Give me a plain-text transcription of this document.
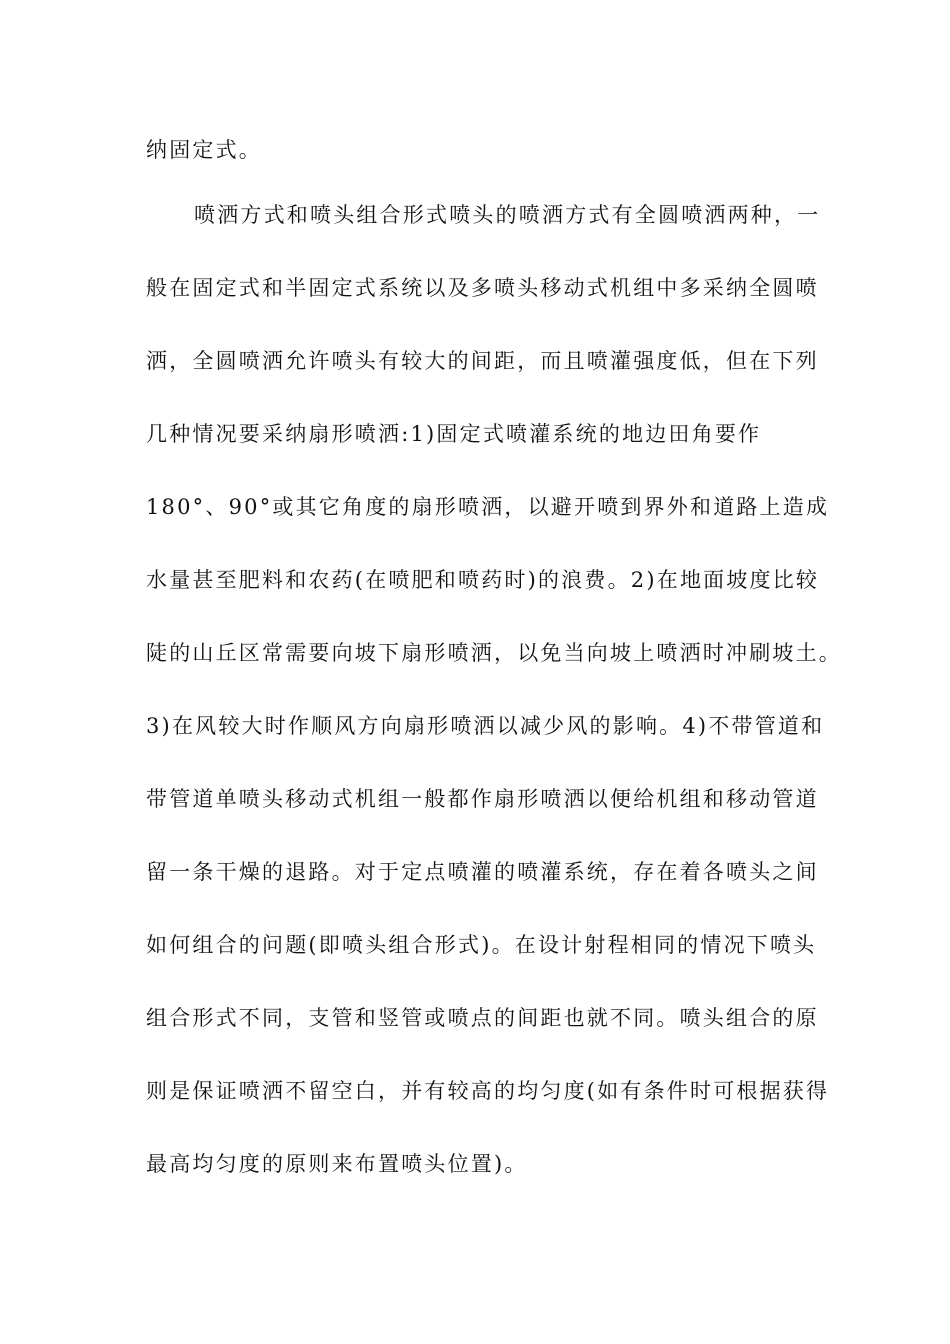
纳固定式。
喷洒方式和喷头组合形式喷头的喷洒方式有全圆喷洒两种，一
般在固定式和半固定式系统以及多喷头移动式机组中多采纳全圆喷
洒，全圆喷洒允许喷头有较大的间距，而且喷灌强度低，但在下列
几种情况要采纳扇形喷洒:1)固定式喷灌系统的地边田角要作
180°、90°或其它角度的扇形喷洒，以避开喷到界外和道路上造成
水量甚至肥料和农药(在喷肥和喷药时)的浪费。2)在地面坡度比较
陡的山丘区常需要向坡下扇形喷洒，以免当向坡上喷洒时冲刷坡土。
3)在风较大时作顺风方向扇形喷洒以减少风的影响。4)不带管道和
带管道单喷头移动式机组一般都作扇形喷洒以便给机组和移动管道
留一条干燥的退路。对于定点喷灌的喷灌系统，存在着各喷头之间
如何组合的问题(即喷头组合形式)。在设计射程相同的情况下喷头
组合形式不同，支管和竖管或喷点的间距也就不同。喷头组合的原
则是保证喷洒不留空白，并有较高的均匀度(如有条件时可根据获得
最高均匀度的原则来布置喷头位置)。
